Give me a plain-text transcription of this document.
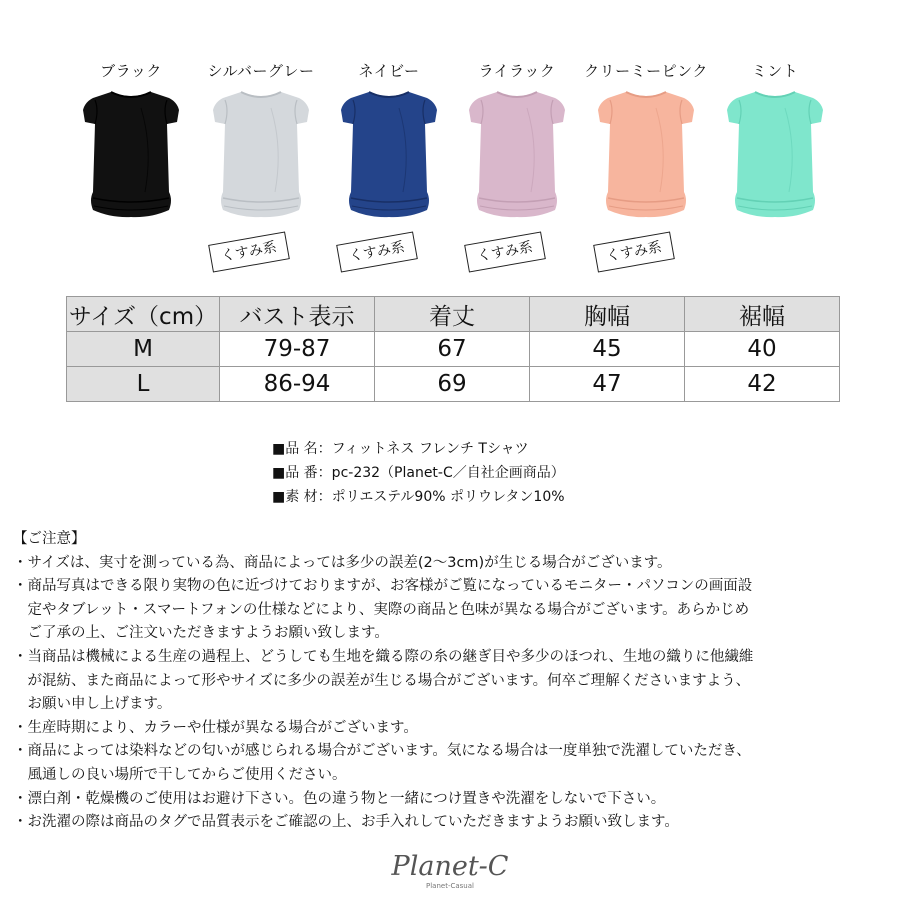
ブラック	シルバーグレー
くすみ系
ネイビー
くすみ系
ライラック
くすみ系
クリーミーピンク
くすみ系
ミント
サイズ（cm）	バスト表示	着丈	胸幅	裾幅
M	79-87	67	45	40
L	86-94	69	47	42
■品 名：フィットネス フレンチ Tシャツ
■品 番：pc-232（Planet-C／自社企画商品）
■素 材：ポリエステル90% ポリウレタン10%
【ご注意】
・サイズは、実寸を測っている為、商品によっては多少の誤差(2〜3cm)が生じる場合がございます。
・商品写真はできる限り実物の色に近づけておりますが、お客様がご覧になっているモニター・パソコンの画面設
　定やタブレット・スマートフォンの仕様などにより、実際の商品と色味が異なる場合がございます。あらかじめ
　ご了承の上、ご注文いただきますようお願い致します。
・当商品は機械による生産の過程上、どうしても生地を織る際の糸の継ぎ目や多少のほつれ、生地の織りに他繊維
　が混紡、また商品によって形やサイズに多少の誤差が生じる場合がございます。何卒ご理解くださいますよう、
　お願い申し上げます。
・生産時期により、カラーや仕様が異なる場合がございます。
・商品によっては染料などの匂いが感じられる場合がございます。気になる場合は一度単独で洗濯していただき、
　風通しの良い場所で干してからご使用ください。
・漂白剤・乾燥機のご使用はお避け下さい。色の違う物と一緒につけ置きや洗濯をしないで下さい。
・お洗濯の際は商品のタグで品質表示をご確認の上、お手入れしていただきますようお願い致します。
Planet-C
Planet-Casual
